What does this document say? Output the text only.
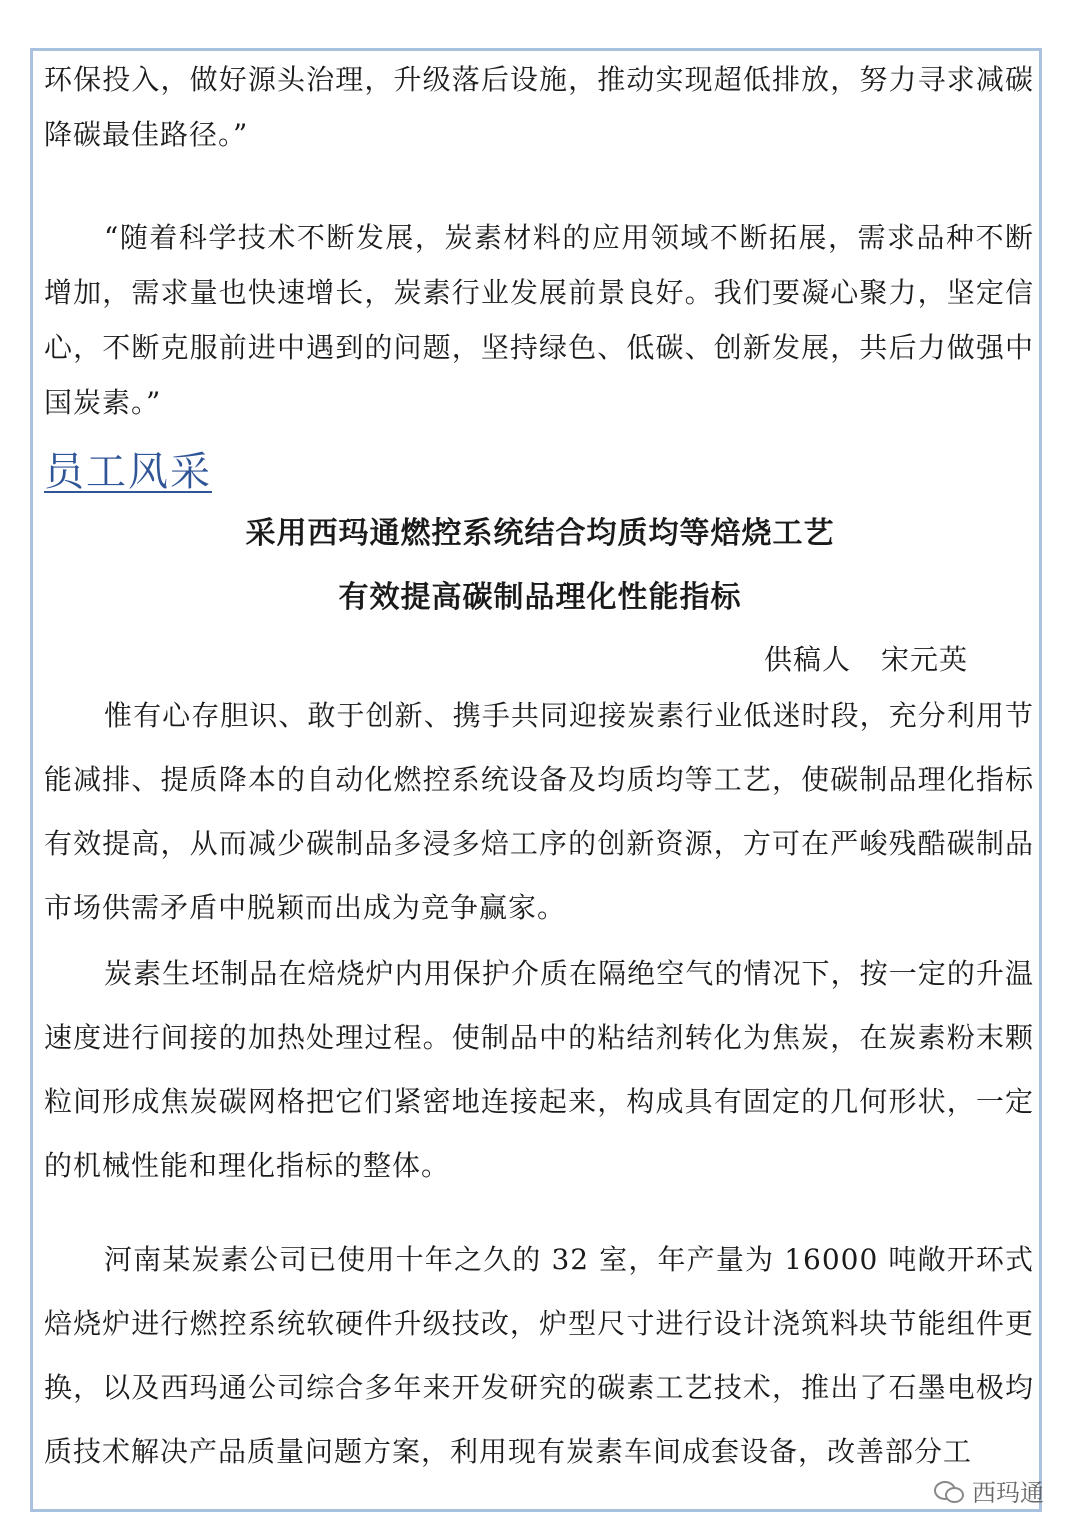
环保投入，做好源头治理，升级落后设施，推动实现超低排放，努力寻求减碳降碳最佳路径。”

“随着科学技术不断发展，炭素材料的应用领域不断拓展，需求品种不断增加，需求量也快速增长，炭素行业发展前景良好。我们要凝心聚力，坚定信心，不断克服前进中遇到的问题，坚持绿色、低碳、创新发展，共后力做强中国炭素。”

员工风采
采用西玛通燃控系统结合均质均等焙烧工艺
有效提高碳制品理化性能指标

供稿人 宋元英

惟有心存胆识、敢于创新、携手共同迎接炭素行业低迷时段，充分利用节能减排、提质降本的自动化燃控系统设备及均质均等工艺，使碳制品理化指标有效提高，从而减少碳制品多浸多焙工序的创新资源，方可在严峻残酷碳制品市场供需矛盾中脱颖而出成为竞争赢家。

炭素生坯制品在焙烧炉内用保护介质在隔绝空气的情况下，按一定的升温速度进行间接的加热处理过程。使制品中的粘结剂转化为焦炭，在炭素粉末颗粒间形成焦炭碳网格把它们紧密地连接起来，构成具有固定的几何形状，一定的机械性能和理化指标的整体。

河南某炭素公司已使用十年之久的 32 室，年产量为 16000 吨敞开环式焙烧炉进行燃控系统软硬件升级技改，炉型尺寸进行设计浇筑料块节能组件更换，以及西玛通公司综合多年来开发研究的碳素工艺技术，推出了石墨电极均质技术解决产品质量问题方案，利用现有炭素车间成套设备，改善部分工

西玛通
